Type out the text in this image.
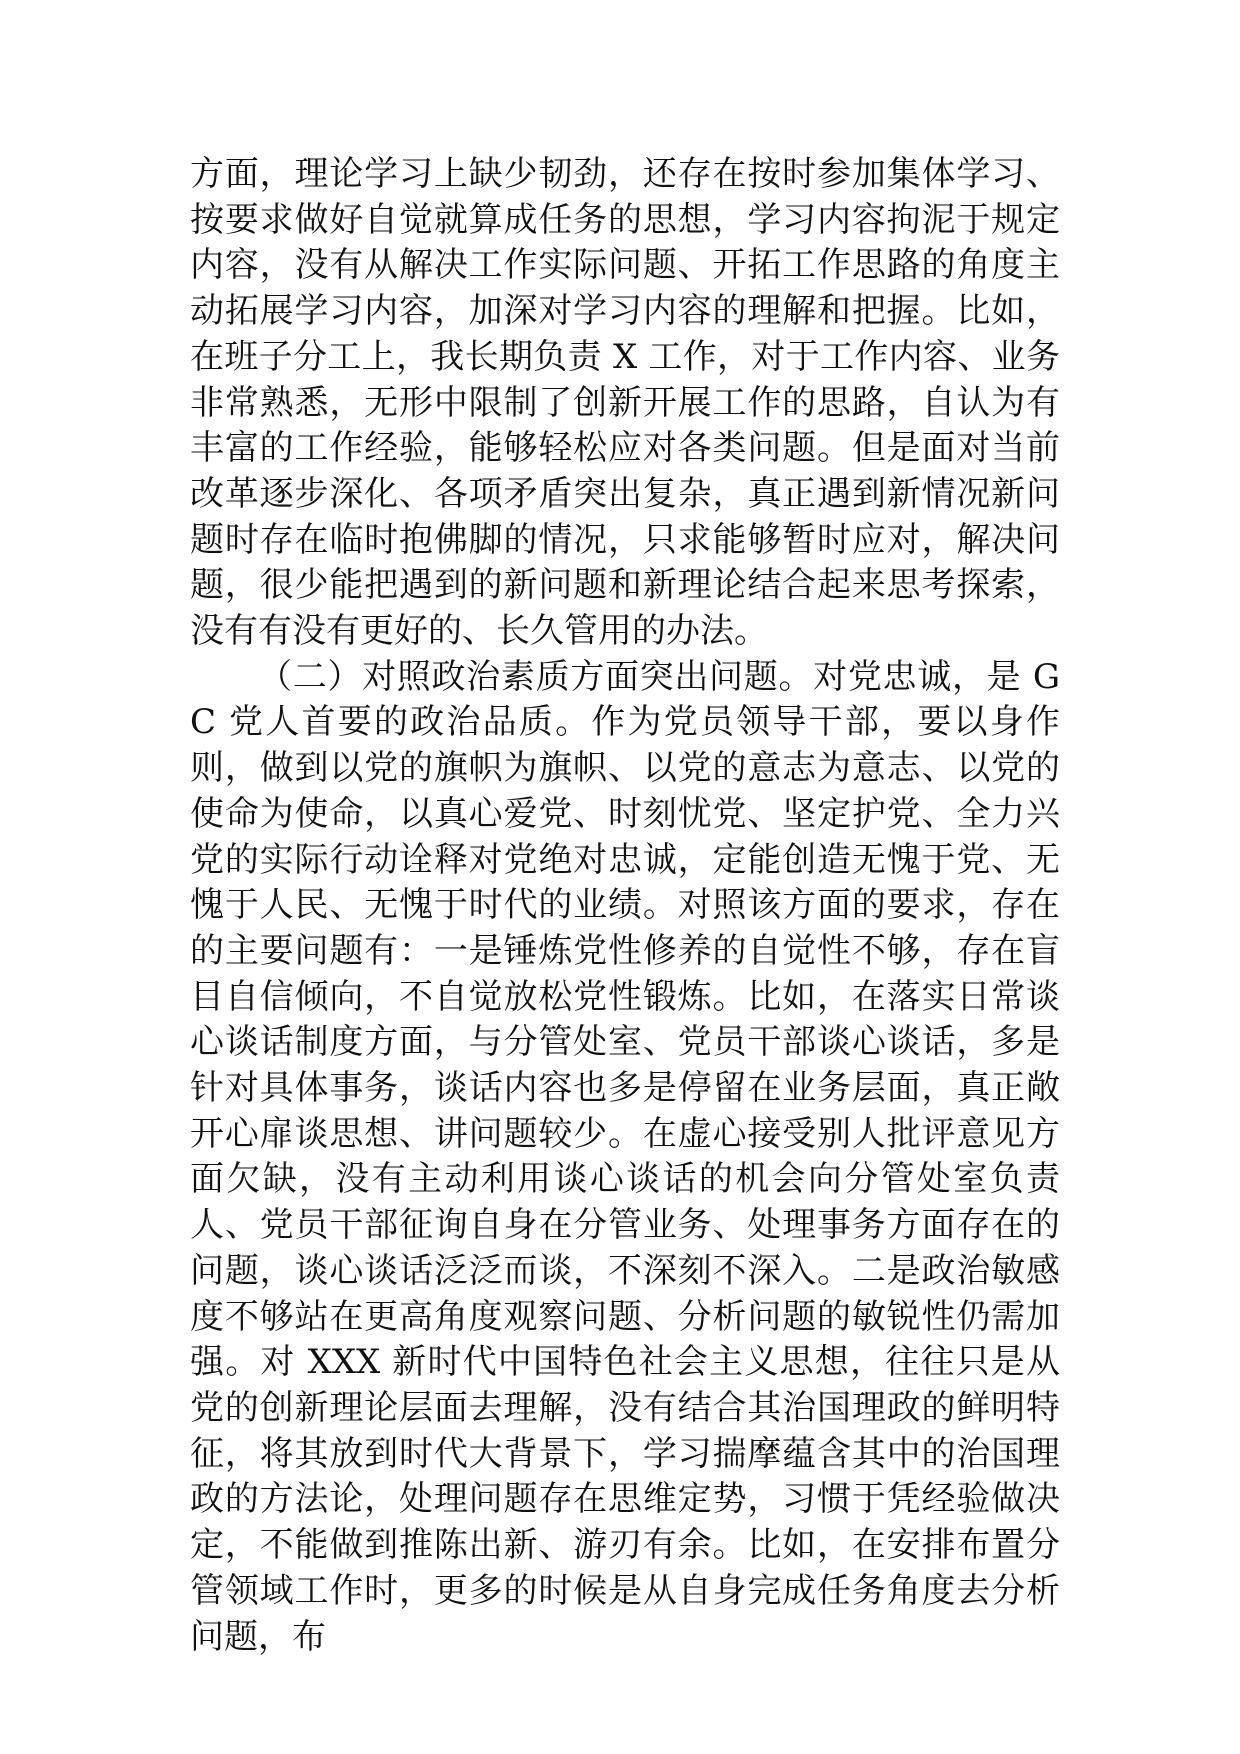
方面，理论学习上缺少韧劲，还存在按时参加集体学习、按要求做好自觉就算成任务的思想，学习内容拘泥于规定内容，没有从解决工作实际问题、开拓工作思路的角度主动拓展学习内容，加深对学习内容的理解和把握。比如，在班子分工上，我长期负责 X 工作，对于工作内容、业务非常熟悉，无形中限制了创新开展工作的思路，自认为有丰富的工作经验，能够轻松应对各类问题。但是面对当前改革逐步深化、各项矛盾突出复杂，真正遇到新情况新问题时存在临时抱佛脚的情况，只求能够暂时应对，解决问题，很少能把遇到的新问题和新理论结合起来思考探索，没有有没有更好的、长久管用的办法。

（二）对照政治素质方面突出问题。对党忠诚，是 GC 党人首要的政治品质。作为党员领导干部，要以身作则，做到以党的旗帜为旗帜、以党的意志为意志、以党的使命为使命，以真心爱党、时刻忧党、坚定护党、全力兴党的实际行动诠释对党绝对忠诚，定能创造无愧于党、无愧于人民、无愧于时代的业绩。对照该方面的要求，存在的主要问题有：一是锤炼党性修养的自觉性不够，存在盲目自信倾向，不自觉放松党性锻炼。比如，在落实日常谈心谈话制度方面，与分管处室、党员干部谈心谈话，多是针对具体事务，谈话内容也多是停留在业务层面，真正敞开心扉谈思想、讲问题较少。在虚心接受别人批评意见方面欠缺，没有主动利用谈心谈话的机会向分管处室负责人、党员干部征询自身在分管业务、处理事务方面存在的问题，谈心谈话泛泛而谈，不深刻不深入。二是政治敏感度不够站在更高角度观察问题、分析问题的敏锐性仍需加强。对 XXX 新时代中国特色社会主义思想，往往只是从党的创新理论层面去理解，没有结合其治国理政的鲜明特征，将其放到时代大背景下，学习揣摩蕴含其中的治国理政的方法论，处理问题存在思维定势，习惯于凭经验做决定，不能做到推陈出新、游刃有余。比如，在安排布置分管领域工作时，更多的时候是从自身完成任务角度去分析问题，布
